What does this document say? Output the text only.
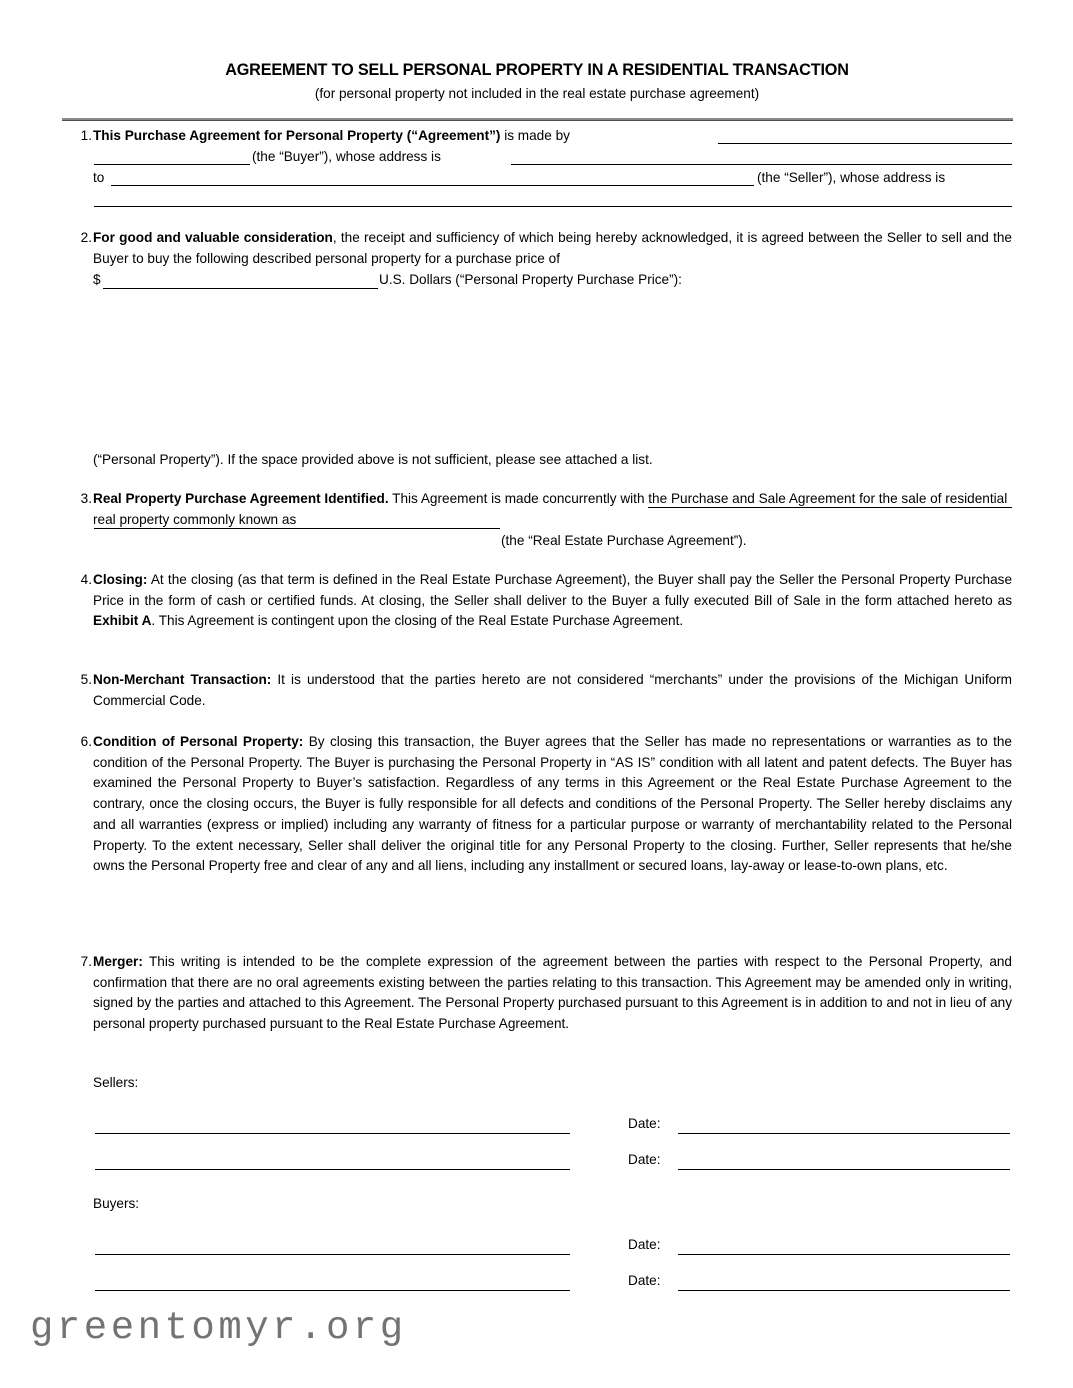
AGREEMENT TO SELL PERSONAL PROPERTY IN A RESIDENTIAL TRANSACTION
(for personal property not included in the real estate purchase agreement)
1. This Purchase Agreement for Personal Property (“Agreement”) is made by
(the “Buyer”), whose address is
to	(the “Seller”), whose address is
2. For good and valuable consideration, the receipt and sufficiency of which being hereby acknowledged, it is agreed between the Seller to sell and the Buyer to buy the following described personal property for a purchase price of
$	U.S. Dollars (“Personal Property Purchase Price”):
(“Personal Property”). If the space provided above is not sufficient, please see attached a list.
3. Real Property Purchase Agreement Identified. This Agreement is made concurrently with the Purchase and Sale Agreement for the sale of residential real property commonly known as
(the “Real Estate Purchase Agreement”).
4. Closing: At the closing (as that term is defined in the Real Estate Purchase Agreement), the Buyer shall pay the Seller the Personal Property Purchase Price in the form of cash or certified funds. At closing, the Seller shall deliver to the Buyer a fully executed Bill of Sale in the form attached hereto as Exhibit A. This Agreement is contingent upon the closing of the Real Estate Purchase Agreement.
5. Non-Merchant Transaction: It is understood that the parties hereto are not considered “merchants” under the provisions of the Michigan Uniform Commercial Code.
6. Condition of Personal Property: By closing this transaction, the Buyer agrees that the Seller has made no representations or warranties as to the condition of the Personal Property. The Buyer is purchasing the Personal Property in “AS IS” condition with all latent and patent defects. The Buyer has examined the Personal Property to Buyer’s satisfaction. Regardless of any terms in this Agreement or the Real Estate Purchase Agreement to the contrary, once the closing occurs, the Buyer is fully responsible for all defects and conditions of the Personal Property. The Seller hereby disclaims any and all warranties (express or implied) including any warranty of fitness for a particular purpose or warranty of merchantability related to the Personal Property. To the extent necessary, Seller shall deliver the original title for any Personal Property to the closing. Further, Seller represents that he/she owns the Personal Property free and clear of any and all liens, including any installment or secured loans, lay-away or lease-to-own plans, etc.
7. Merger: This writing is intended to be the complete expression of the agreement between the parties with respect to the Personal Property, and confirmation that there are no oral agreements existing between the parties relating to this transaction. This Agreement may be amended only in writing, signed by the parties and attached to this Agreement. The Personal Property purchased pursuant to this Agreement is in addition to and not in lieu of any personal property purchased pursuant to the Real Estate Purchase Agreement.
Sellers:
Date:
Date:
Buyers:
Date:
Date:
greentomyr.org
